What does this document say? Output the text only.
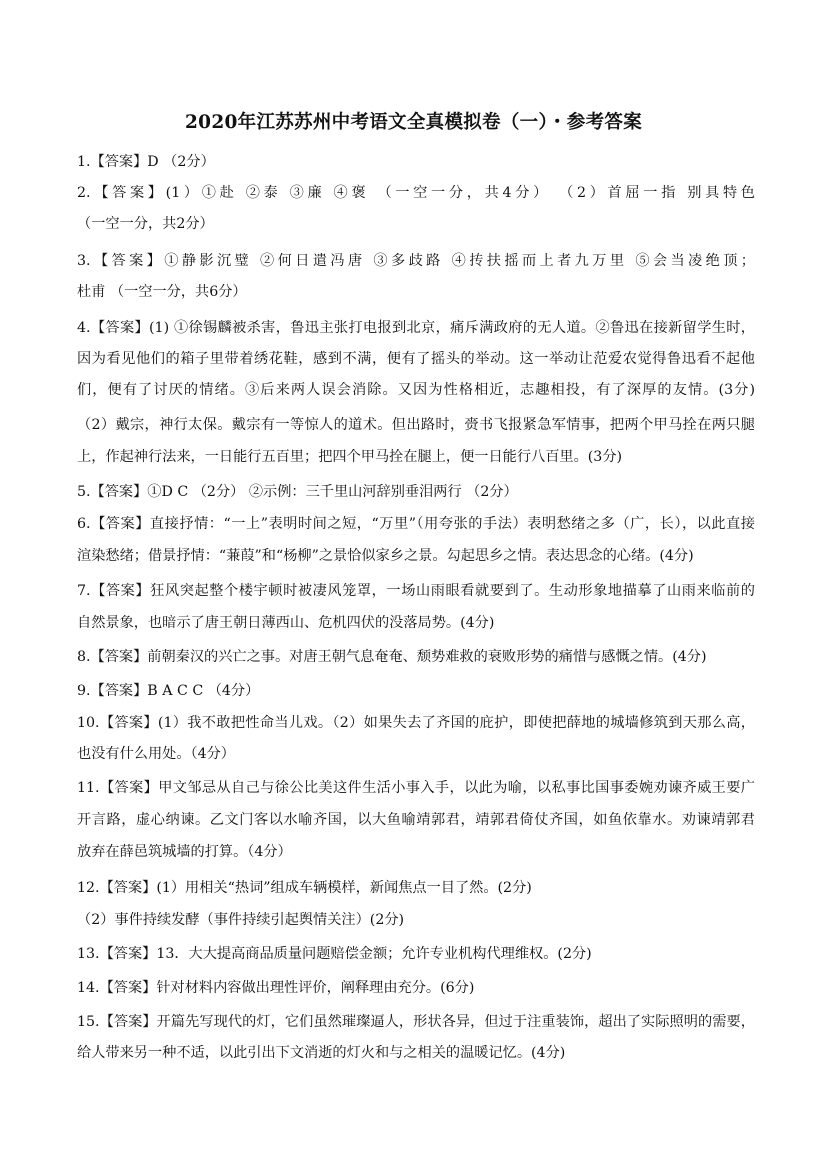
2020年江苏苏州中考语文全真模拟卷（一）・参考答案
1.【答案】D （2分）
2.【答案】(1）①赴 ②泰 ③廉 ④褒 （一空一分，共4分） （2）首屈一指 别具特色
（一空一分，共2分）
3.【答案】①静影沉璧 ②何日遣冯唐 ③多歧路 ④抟扶摇而上者九万里 ⑤会当凌绝顶；
杜甫 （一空一分，共6分）
4.【答案】(1) ①徐锡麟被杀害，鲁迅主张打电报到北京，痛斥满政府的无人道。②鲁迅在接新留学生时，
因为看见他们的箱子里带着绣花鞋，感到不满，便有了摇头的举动。这一举动让范爱农觉得鲁迅看不起他
们，便有了讨厌的情绪。③后来两人误会消除。又因为性格相近，志趣相投，有了深厚的友情。(3分)
（2）戴宗，神行太保。戴宗有一等惊人的道术。但出路时，赍书飞报紧急军情事，把两个甲马拴在两只腿
上，作起神行法来，一日能行五百里；把四个甲马拴在腿上，便一日能行八百里。(3分)
5.【答案】①D C （2分） ②示例：三千里山河辞别垂泪两行 （2分）
6.【答案】直接抒情：“一上”表明时间之短，“万里”（用夸张的手法）表明愁绪之多（广，长），以此直接
渲染愁绪；借景抒情：“蒹葭”和“杨柳”之景恰似家乡之景。勾起思乡之情。表达思念的心绪。(4分)
7.【答案】狂风突起整个楼宇顿时被凄风笼罩，一场山雨眼看就要到了。生动形象地描摹了山雨来临前的
自然景象，也暗示了唐王朝日薄西山、危机四伏的没落局势。(4分)
8.【答案】前朝秦汉的兴亡之事。对唐王朝气息奄奄、颓势难救的衰败形势的痛惜与感慨之情。(4分)
9.【答案】B A C C （4分）
10.【答案】(1）我不敢把性命当儿戏。（2）如果失去了齐国的庇护，即使把薛地的城墙修筑到天那么高，
也没有什么用处。（4分）
11.【答案】甲文邹忌从自己与徐公比美这件生活小事入手，以此为喻，以私事比国事委婉劝谏齐威王要广
开言路，虚心纳谏。乙文门客以水喻齐国，以大鱼喻靖郭君，靖郭君倚仗齐国，如鱼依靠水。劝谏靖郭君
放弃在薛邑筑城墙的打算。（4分）
12.【答案】(1）用相关“热词”组成车辆模样，新闻焦点一目了然。(2分)
（2）事件持续发酵（事件持续引起舆情关注）(2分)
13.【答案】13．大大提高商品质量问题赔偿金额；允许专业机构代理维权。(2分)
14.【答案】针对材料内容做出理性评价，阐释理由充分。(6分)
15.【答案】开篇先写现代的灯，它们虽然璀璨逼人，形状各异，但过于注重装饰，超出了实际照明的需要，
给人带来另一种不适，以此引出下文消逝的灯火和与之相关的温暖记忆。(4分)
